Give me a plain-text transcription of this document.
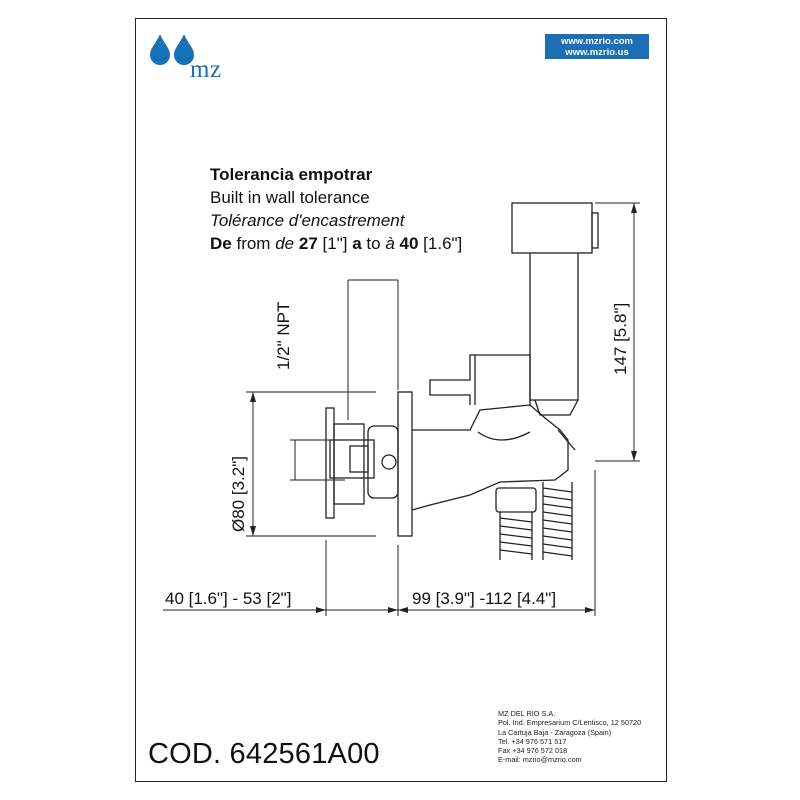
mz
www.mzrio.com
www.mzrio.us
Tolerancia empotrar
Built in wall tolerance
Tolérance d'encastrement
De from de 27 [1"] a to à 40 [1.6"]
1/2" NPT
Ø80 [3.2"]
147 [5.8"]
40 [1.6"] - 53 [2"]	99 [3.9"] -112 [4.4"]
COD. 642561A00
MZ DEL RIO S.A.
Pol. Ind. Empresarium C/Lentisco, 12 50720
La Cartuja Baja - Zaragoza (Spain)
Tel. +34 976 571 517
Fax +34 976 572 018
E-mail: mzrio@mzrio.com
